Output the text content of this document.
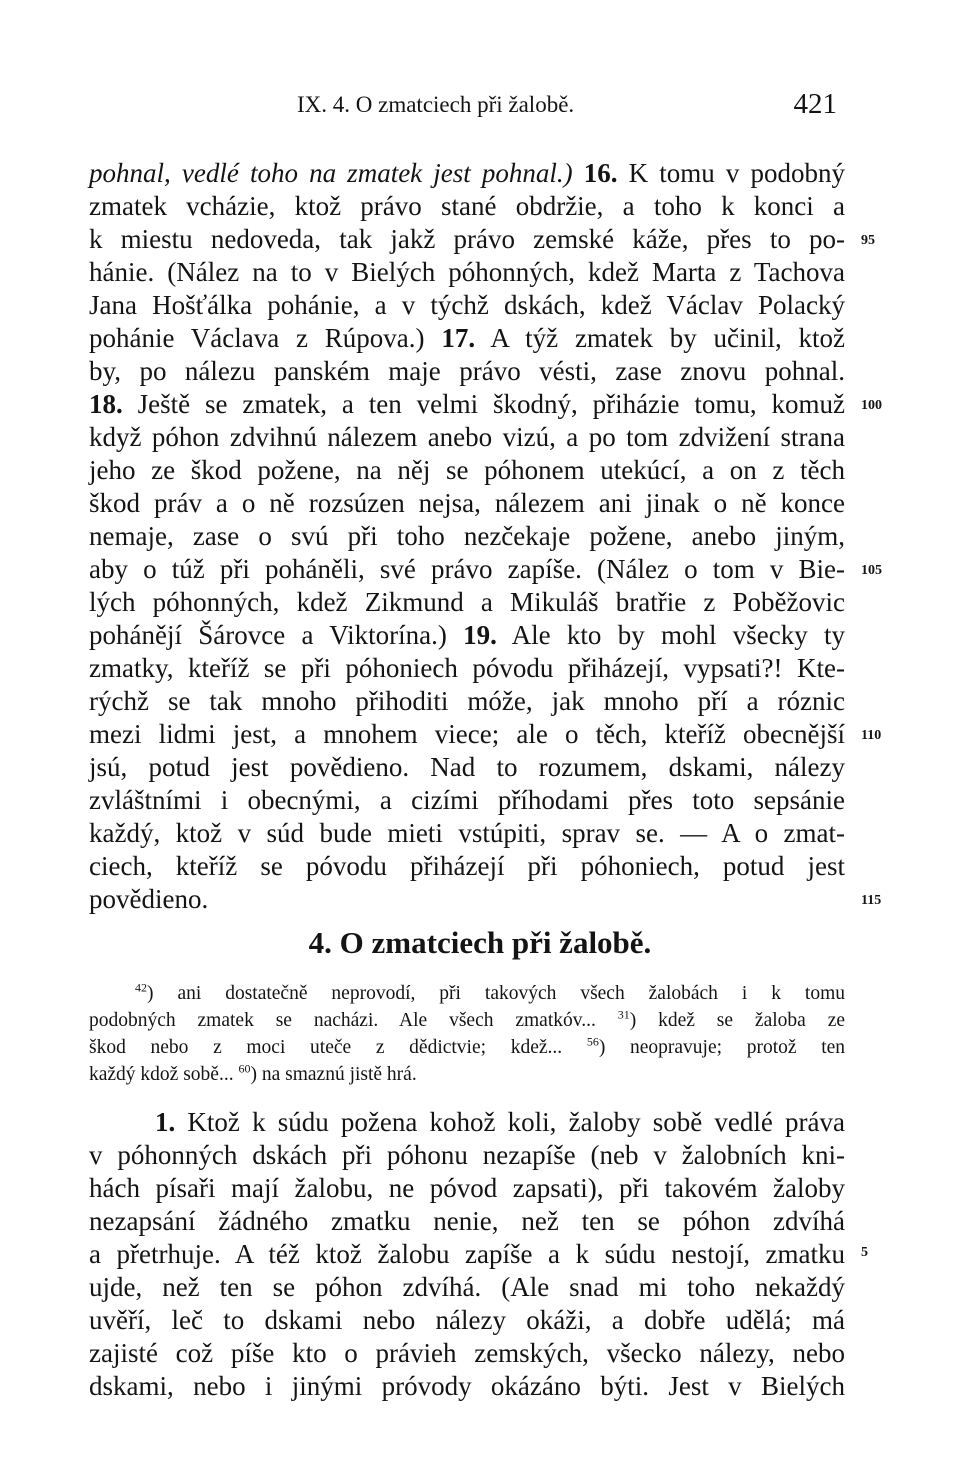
IX. 4. O zmatciech při žalobě.	421
pohnal, vedlé toho na zmatek jest pohnal.) 16. K tomu v podobný
zmatek vcházie, ktož právo stané obdržie, a toho k konci a
k miestu nedoveda, tak jakž právo zemské káže, přes to po-
hánie. (Nález na to v Bielých póhonných, kdež Marta z Tachova
Jana Hošťálka pohánie, a v týchž dskách, kdež Václav Polacký
pohánie Václava z Rúpova.) 17. A týž zmatek by učinil, ktož
by, po nálezu panském maje právo vésti, zase znovu pohnal.
18. Ještě se zmatek, a ten velmi škodný, přiházie tomu, komuž
když póhon zdvihnú nálezem anebo vizú, a po tom zdvižení strana
jeho ze škod požene, na něj se póhonem utekúcí, a on z těch
škod práv a o ně rozsúzen nejsa, nálezem ani jinak o ně konce
nemaje, zase o svú při toho nezčekaje požene, anebo jiným,
aby o túž při poháněli, své právo zapíše. (Nález o tom v Bie-
lých póhonných, kdež Zikmund a Mikuláš bratřie z Poběžovic
pohánějí Šárovce a Viktorína.) 19. Ale kto by mohl všecky ty
zmatky, kteříž se při póhoniech póvodu přiházejí, vypsati?! Kte-
rýchž se tak mnoho přihoditi móže, jak mnoho pří a róznic
mezi lidmi jest, a mnohem viece; ale o těch, kteříž obecnější
jsú, potud jest povědieno. Nad to rozumem, dskami, nálezy
zvláštními i obecnými, a cizími příhodami přes toto sepsánie
každý, ktož v súd bude mieti vstúpiti, sprav se. — A o zmat-
ciech, kteříž se póvodu přiházejí při póhoniech, potud jest
povědieno.
95
100
105
110
115
5
4. O zmatciech při žalobě.
$^{42}$) ani dostatečně neprovodí, při takových všech žalobách i k tomu
podobných zmatek se nacházi. Ale všech zmatkóv... $^{31}$) kdež se žaloba ze
škod nebo z moci uteče z dědictvie; kdež... $^{56}$) neopravuje; protož ten
každý kdož sobě... $^{60}$) na smaznú jistě hrá.
1. Ktož k súdu požena kohož koli, žaloby sobě vedlé práva
v póhonných dskách při póhonu nezapíše (neb v žalobních kni-
hách písaři mají žalobu, ne póvod zapsati), při takovém žaloby
nezapsání žádného zmatku nenie, než ten se póhon zdvíhá
a přetrhuje. A též ktož žalobu zapíše a k súdu nestojí, zmatku
ujde, než ten se póhon zdvíhá. (Ale snad mi toho nekaždý
uvěří, leč to dskami nebo nálezy okáži, a dobře udělá; má
zajisté což píše kto o právieh zemských, všecko nálezy, nebo
dskami, nebo i jinými próvody okázáno býti. Jest v Bielých
